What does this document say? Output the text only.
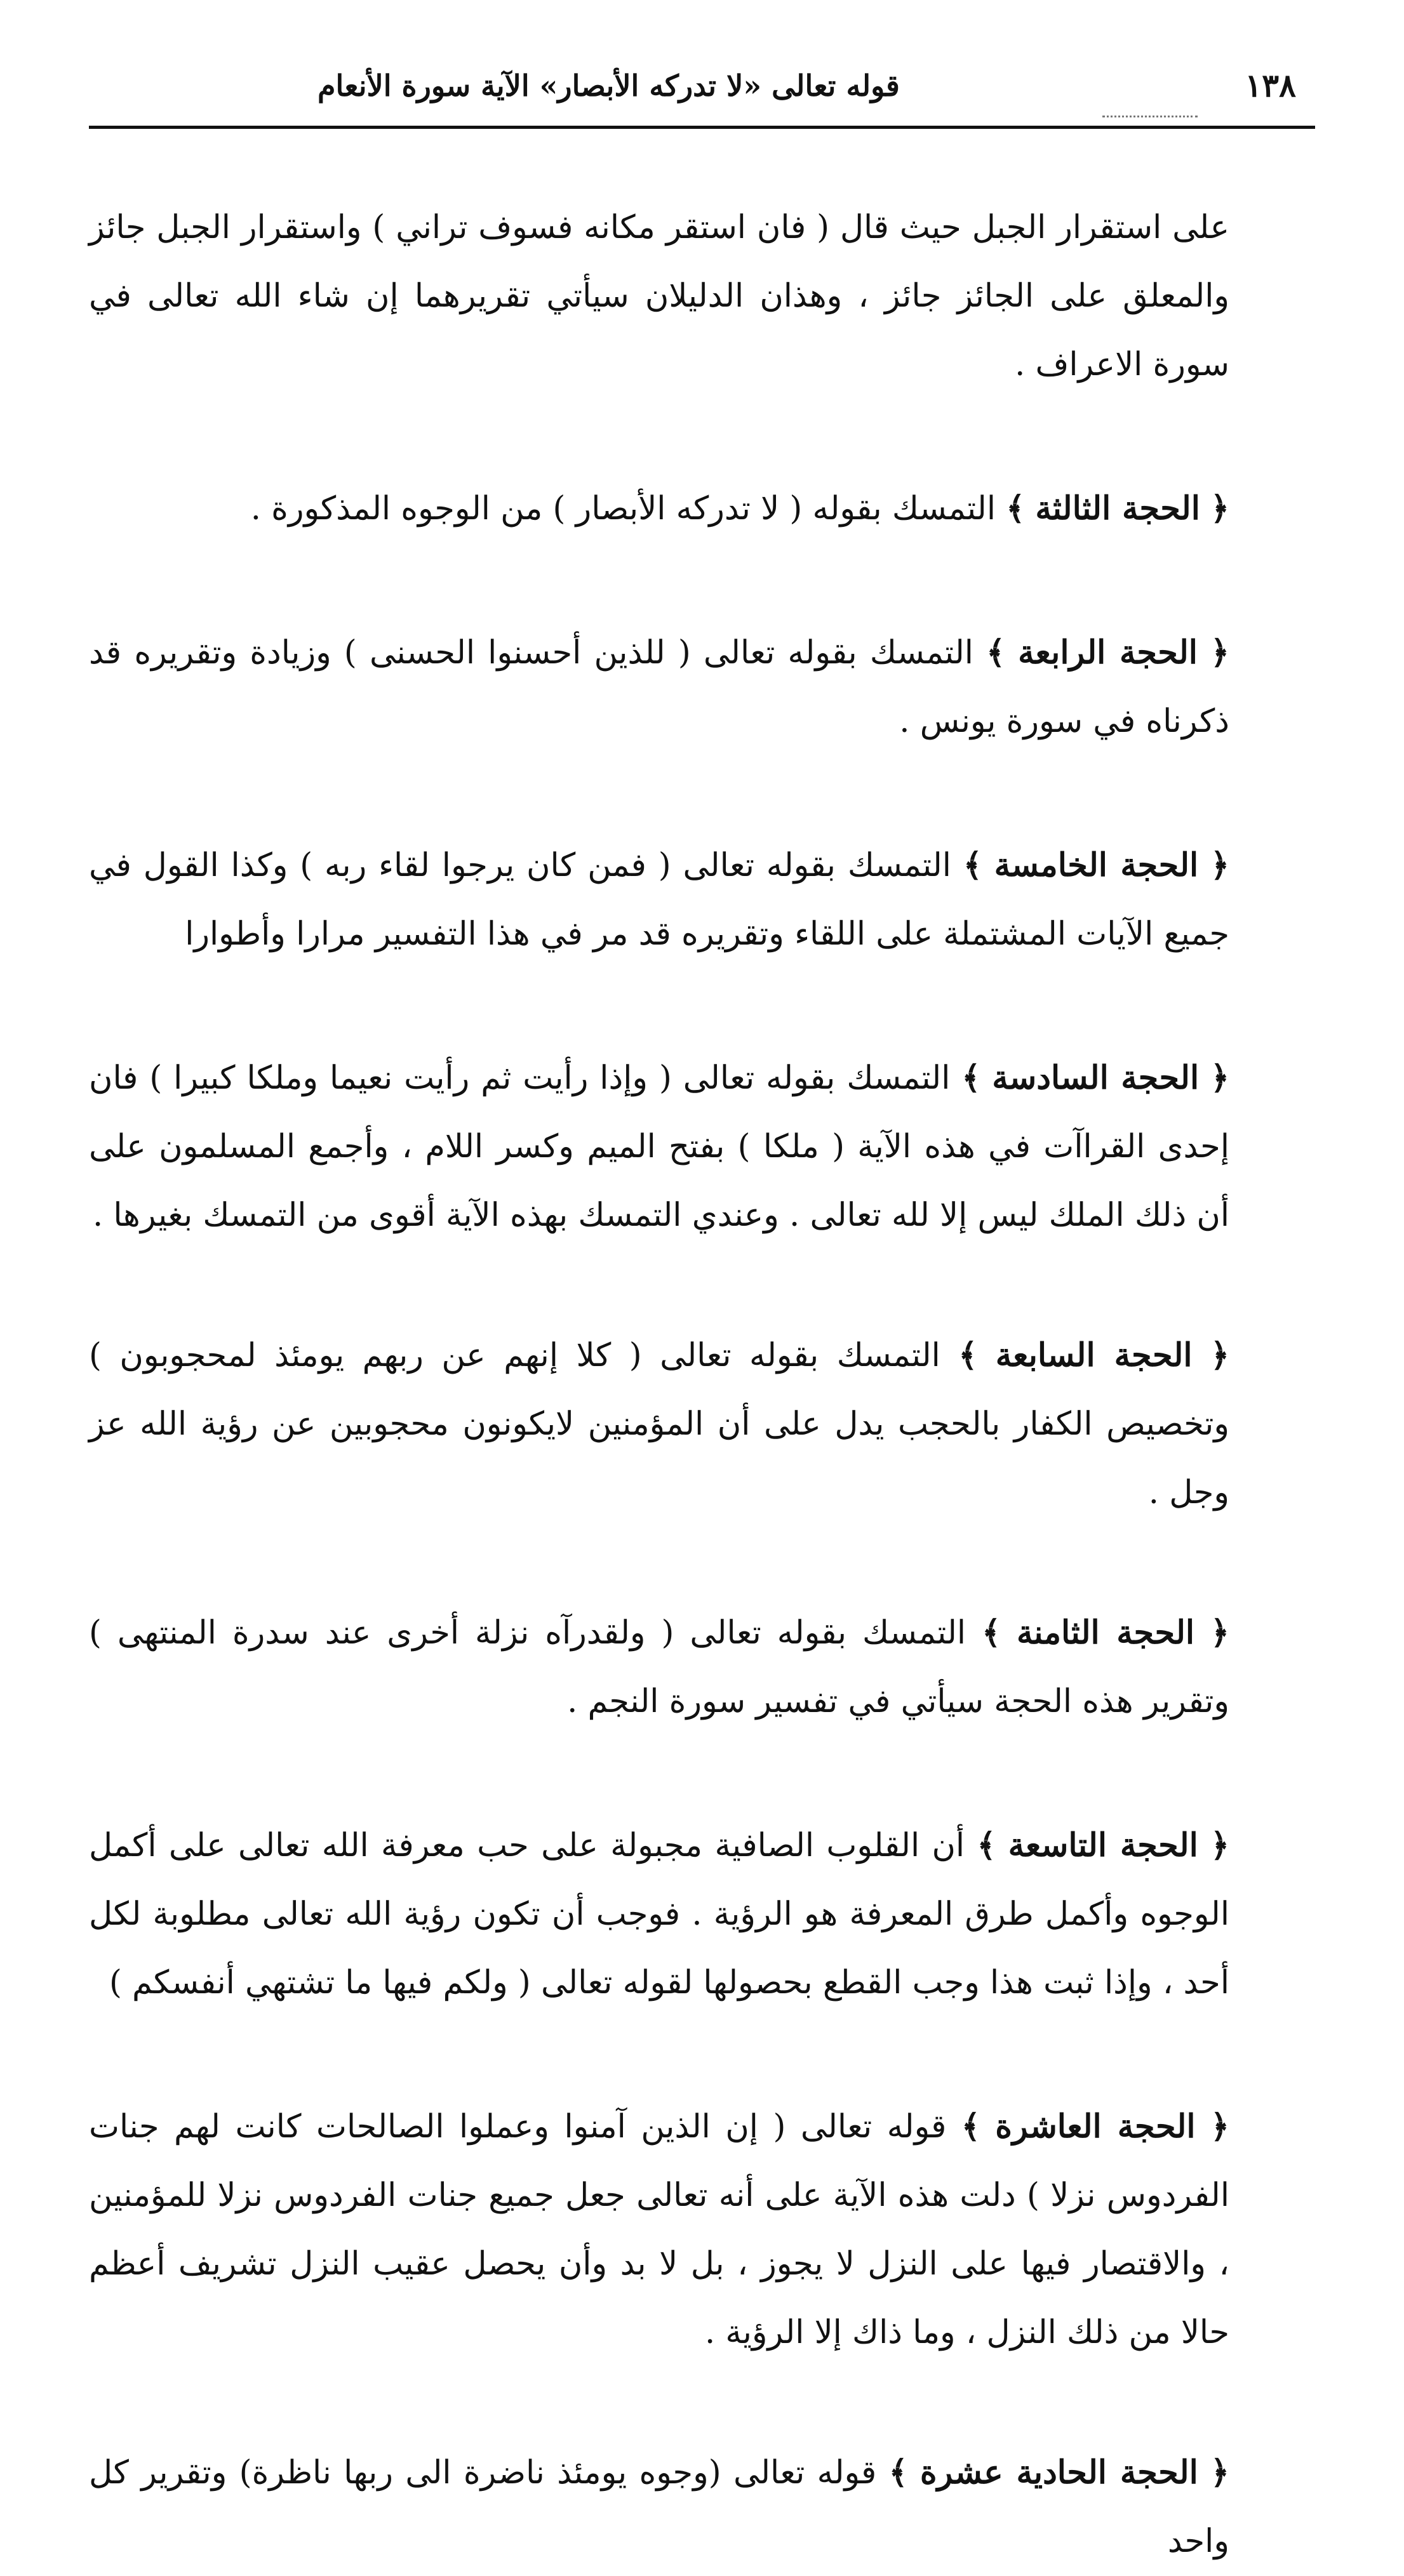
١٣٨
قوله تعالى «لا تدركه الأبصار» الآية سورة الأنعام

على استقرار الجبل حيث قال ( فان استقر مكانه فسوف تراني ) واستقرار الجبل جائز والمعلق على الجائز جائز ، وهذان الدليلان سيأتي تقريرهما إن شاء الله تعالى في سورة الاعراف .

﴿ الحجة الثالثة ﴾ التمسك بقوله ( لا تدركه الأبصار ) من الوجوه المذكورة .

﴿ الحجة الرابعة ﴾ التمسك بقوله تعالى ( للذين أحسنوا الحسنى ) وزيادة وتقريره قد ذكرناه في سورة يونس .

﴿ الحجة الخامسة ﴾ التمسك بقوله تعالى ( فمن كان يرجوا لقاء ربه ) وكذا القول في جميع الآيات المشتملة على اللقاء وتقريره قد مر في هذا التفسير مرارا وأطوارا

﴿ الحجة السادسة ﴾ التمسك بقوله تعالى ( وإذا رأيت ثم رأيت نعيما وملكا كبيرا ) فان إحدى القراآت في هذه الآية ( ملكا ) بفتح الميم وكسر اللام ، وأجمع المسلمون على أن ذلك الملك ليس إلا لله تعالى . وعندي التمسك بهذه الآية أقوى من التمسك بغيرها .

﴿ الحجة السابعة ﴾ التمسك بقوله تعالى ( كلا إنهم عن ربهم يومئذ لمحجوبون ) وتخصيص الكفار بالحجب يدل على أن المؤمنين لايكونون محجوبين عن رؤية الله عز وجل .

﴿ الحجة الثامنة ﴾ التمسك بقوله تعالى ( ولقدرآه نزلة أخرى عند سدرة المنتهى ) وتقرير هذه الحجة سيأتي في تفسير سورة النجم .

﴿ الحجة التاسعة ﴾ أن القلوب الصافية مجبولة على حب معرفة الله تعالى على أكمل الوجوه وأكمل طرق المعرفة هو الرؤية . فوجب أن تكون رؤية الله تعالى مطلوبة لكل أحد ، وإذا ثبت هذا وجب القطع بحصولها لقوله تعالى ( ولكم فيها ما تشتهي أنفسكم )

﴿ الحجة العاشرة ﴾ قوله تعالى ( إن الذين آمنوا وعملوا الصالحات كانت لهم جنات الفردوس نزلا ) دلت هذه الآية على أنه تعالى جعل جميع جنات الفردوس نزلا للمؤمنين ، والاقتصار فيها على النزل لا يجوز ، بل لا بد وأن يحصل عقيب النزل تشريف أعظم حالا من ذلك النزل ، وما ذاك إلا الرؤية .

﴿ الحجة الحادية عشرة ﴾ قوله تعالى (وجوه يومئذ ناضرة الى ربها ناظرة) وتقرير كل واحد
